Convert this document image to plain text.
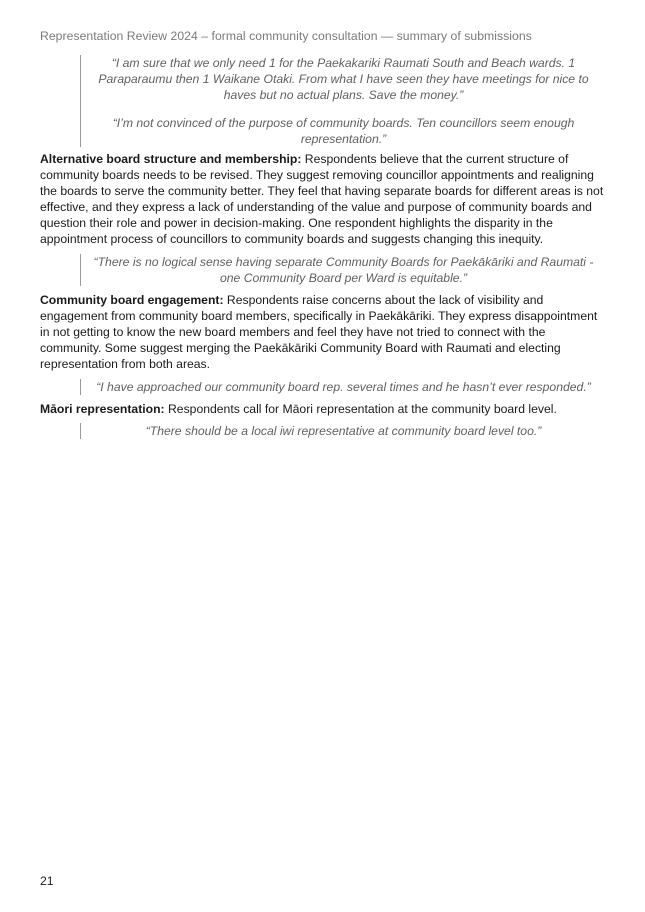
Representation Review 2024 – formal community consultation — summary of submissions

“I am sure that we only need 1 for the Paekakariki Raumati South and Beach wards. 1 Paraparaumu then 1 Waikane Otaki. From what I have seen they have meetings for nice to haves but no actual plans. Save the money.”

“I’m not convinced of the purpose of community boards. Ten councillors seem enough representation.”

Alternative board structure and membership: Respondents believe that the current structure of community boards needs to be revised. They suggest removing councillor appointments and realigning the boards to serve the community better. They feel that having separate boards for different areas is not effective, and they express a lack of understanding of the value and purpose of community boards and question their role and power in decision-making. One respondent highlights the disparity in the appointment process of councillors to community boards and suggests changing this inequity.

“There is no logical sense having separate Community Boards for Paekākāriki and Raumati - one Community Board per Ward is equitable.”

Community board engagement: Respondents raise concerns about the lack of visibility and engagement from community board members, specifically in Paekākāriki. They express disappointment in not getting to know the new board members and feel they have not tried to connect with the community. Some suggest merging the Paekākāriki Community Board with Raumati and electing representation from both areas.

“I have approached our community board rep. several times and he hasn’t ever responded.”

Māori representation: Respondents call for Māori representation at the community board level.

“There should be a local iwi representative at community board level too.”

21
